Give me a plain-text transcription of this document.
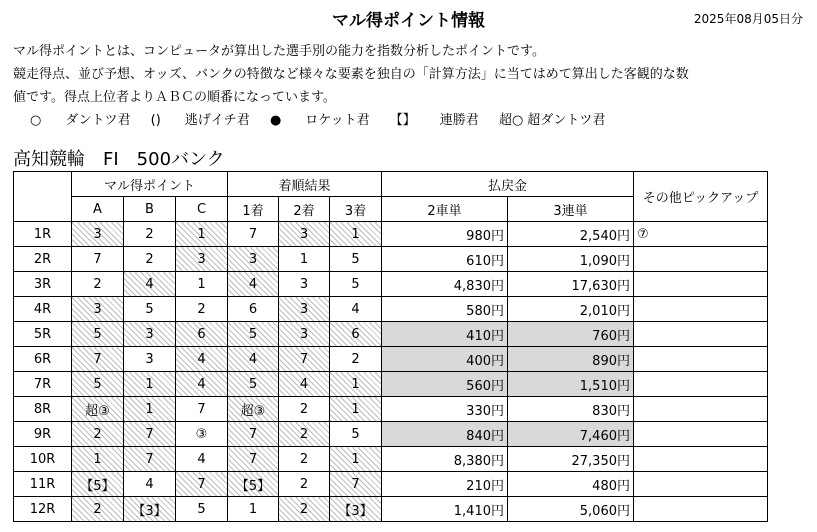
マル得ポイント情報	2025年08月05日分
マル得ポイントとは、コンピュータが算出した選手別の能力を指数分析したポイントです。
競走得点、並び予想、オッズ、バンクの特徴など様々な要素を独自の「計算方法」に当てはめて算出した客観的な数
値です。得点上位者よりＡＢＣの順番になっています。
○ ダントツ君 () 逃げイチ君 ● ロケット君 【】 連勝君 超○ 超ダントツ君
高知競輪　FI　500バンク
	マル得ポイント			着順結果			払戻金		その他ピックアップ
	A	B	C	1着	2着	3着	2車単	3連単	
1R	3	2	1	7	3	1	980円	2,540円	⑦
2R	7	2	3	3	1	5	610円	1,090円	
3R	2	4	1	4	3	5	4,830円	17,630円	
4R	3	5	2	6	3	4	580円	2,010円	
5R	5	3	6	5	3	6	410円	760円	
6R	7	3	4	4	7	2	400円	890円	
7R	5	1	4	5	4	1	560円	1,510円	
8R	超③	1	7	超③	2	1	330円	830円	
9R	2	7	③	7	2	5	840円	7,460円	
10R	1	7	4	7	2	1	8,380円	27,350円	
11R	【5】	4	7	【5】	2	7	210円	480円	
12R	2	【3】	5	1	2	【3】	1,410円	5,060円	
